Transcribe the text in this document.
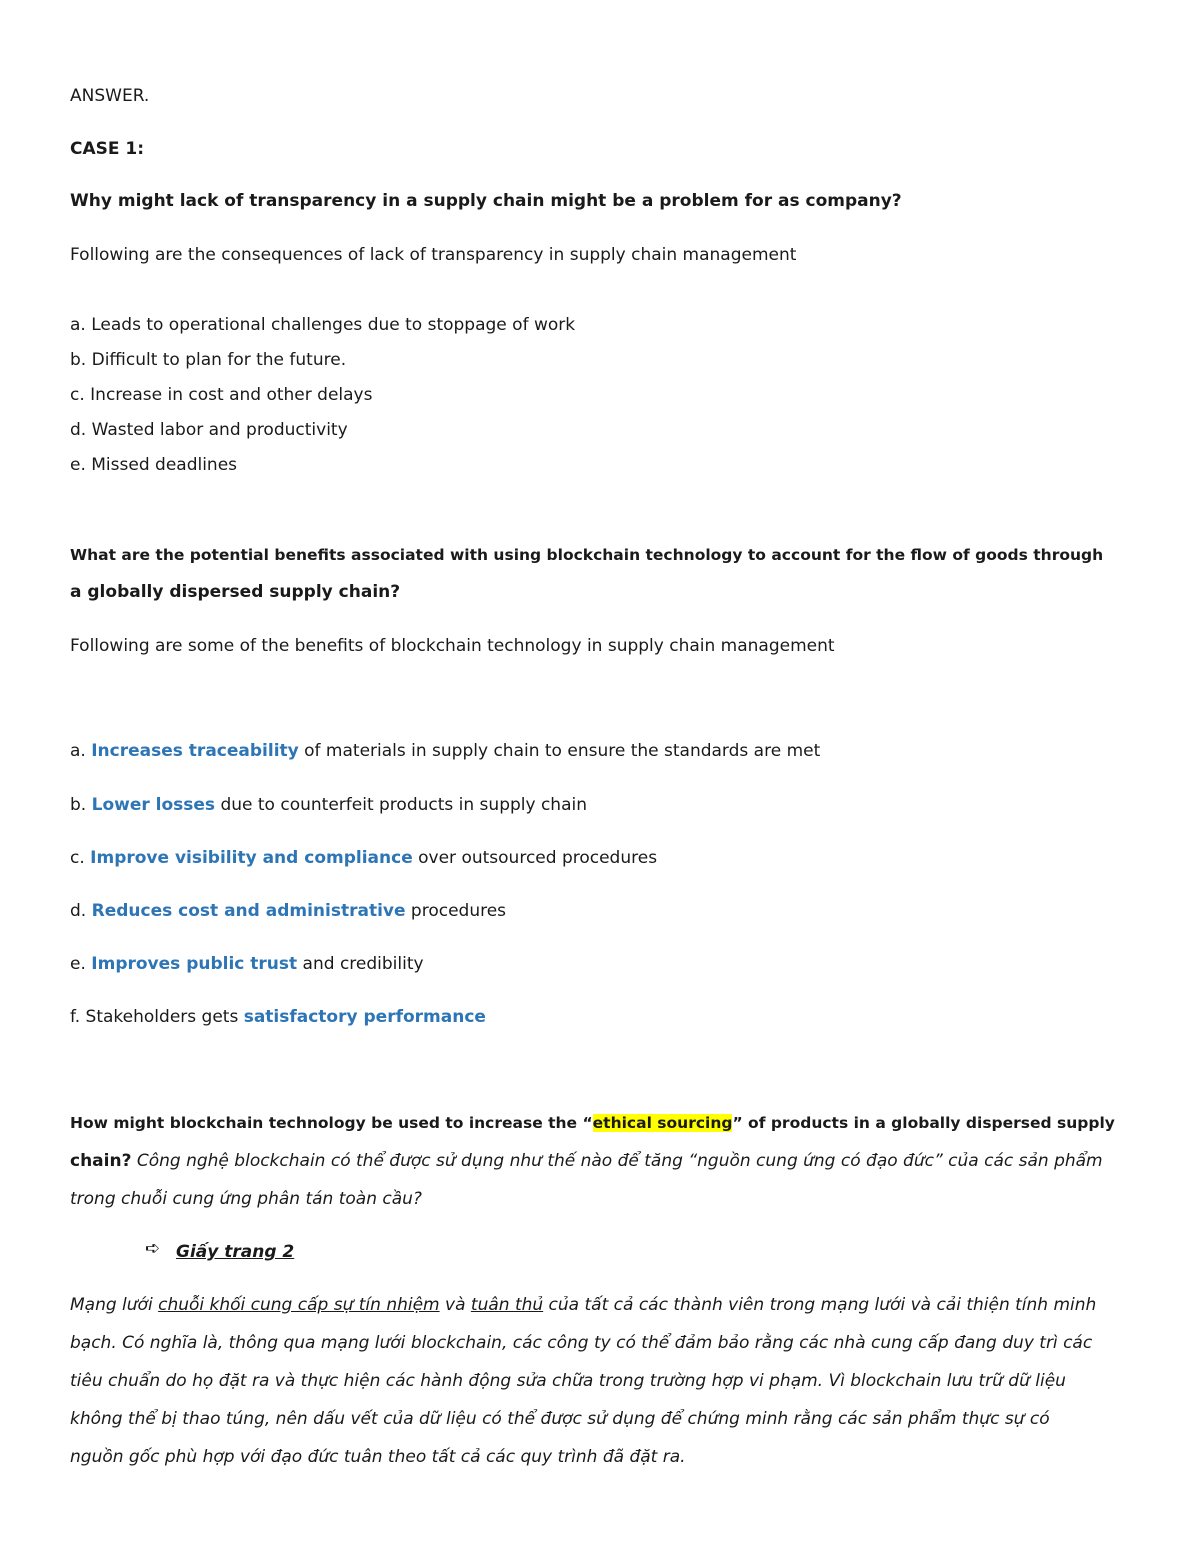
ANSWER.
CASE 1:
Why might lack of transparency in a supply chain might be a problem for as company?
Following are the consequences of lack of transparency in supply chain management
a. Leads to operational challenges due to stoppage of work
b. Difficult to plan for the future.
c. Increase in cost and other delays
d. Wasted labor and productivity
e. Missed deadlines
What are the potential benefits associated with using blockchain technology to account for the flow of goods through
a globally dispersed supply chain?
Following are some of the benefits of blockchain technology in supply chain management
a. Increases traceability of materials in supply chain to ensure the standards are met
b. Lower losses due to counterfeit products in supply chain
c. Improve visibility and compliance over outsourced procedures
d. Reduces cost and administrative procedures
e. Improves public trust and credibility
f. Stakeholders gets satisfactory performance
How might blockchain technology be used to increase the “ethical sourcing” of products in a globally dispersed supply
chain? Công nghệ blockchain có thể được sử dụng như thế nào để tăng “nguồn cung ứng có đạo đức” của các sản phẩm
trong chuỗi cung ứng phân tán toàn cầu?
➪ Giấy trang 2
Mạng lưới chuỗi khối cung cấp sự tín nhiệm và tuân thủ của tất cả các thành viên trong mạng lưới và cải thiện tính minh
bạch. Có nghĩa là, thông qua mạng lưới blockchain, các công ty có thể đảm bảo rằng các nhà cung cấp đang duy trì các
tiêu chuẩn do họ đặt ra và thực hiện các hành động sửa chữa trong trường hợp vi phạm. Vì blockchain lưu trữ dữ liệu
không thể bị thao túng, nên dấu vết của dữ liệu có thể được sử dụng để chứng minh rằng các sản phẩm thực sự có
nguồn gốc phù hợp với đạo đức tuân theo tất cả các quy trình đã đặt ra.
